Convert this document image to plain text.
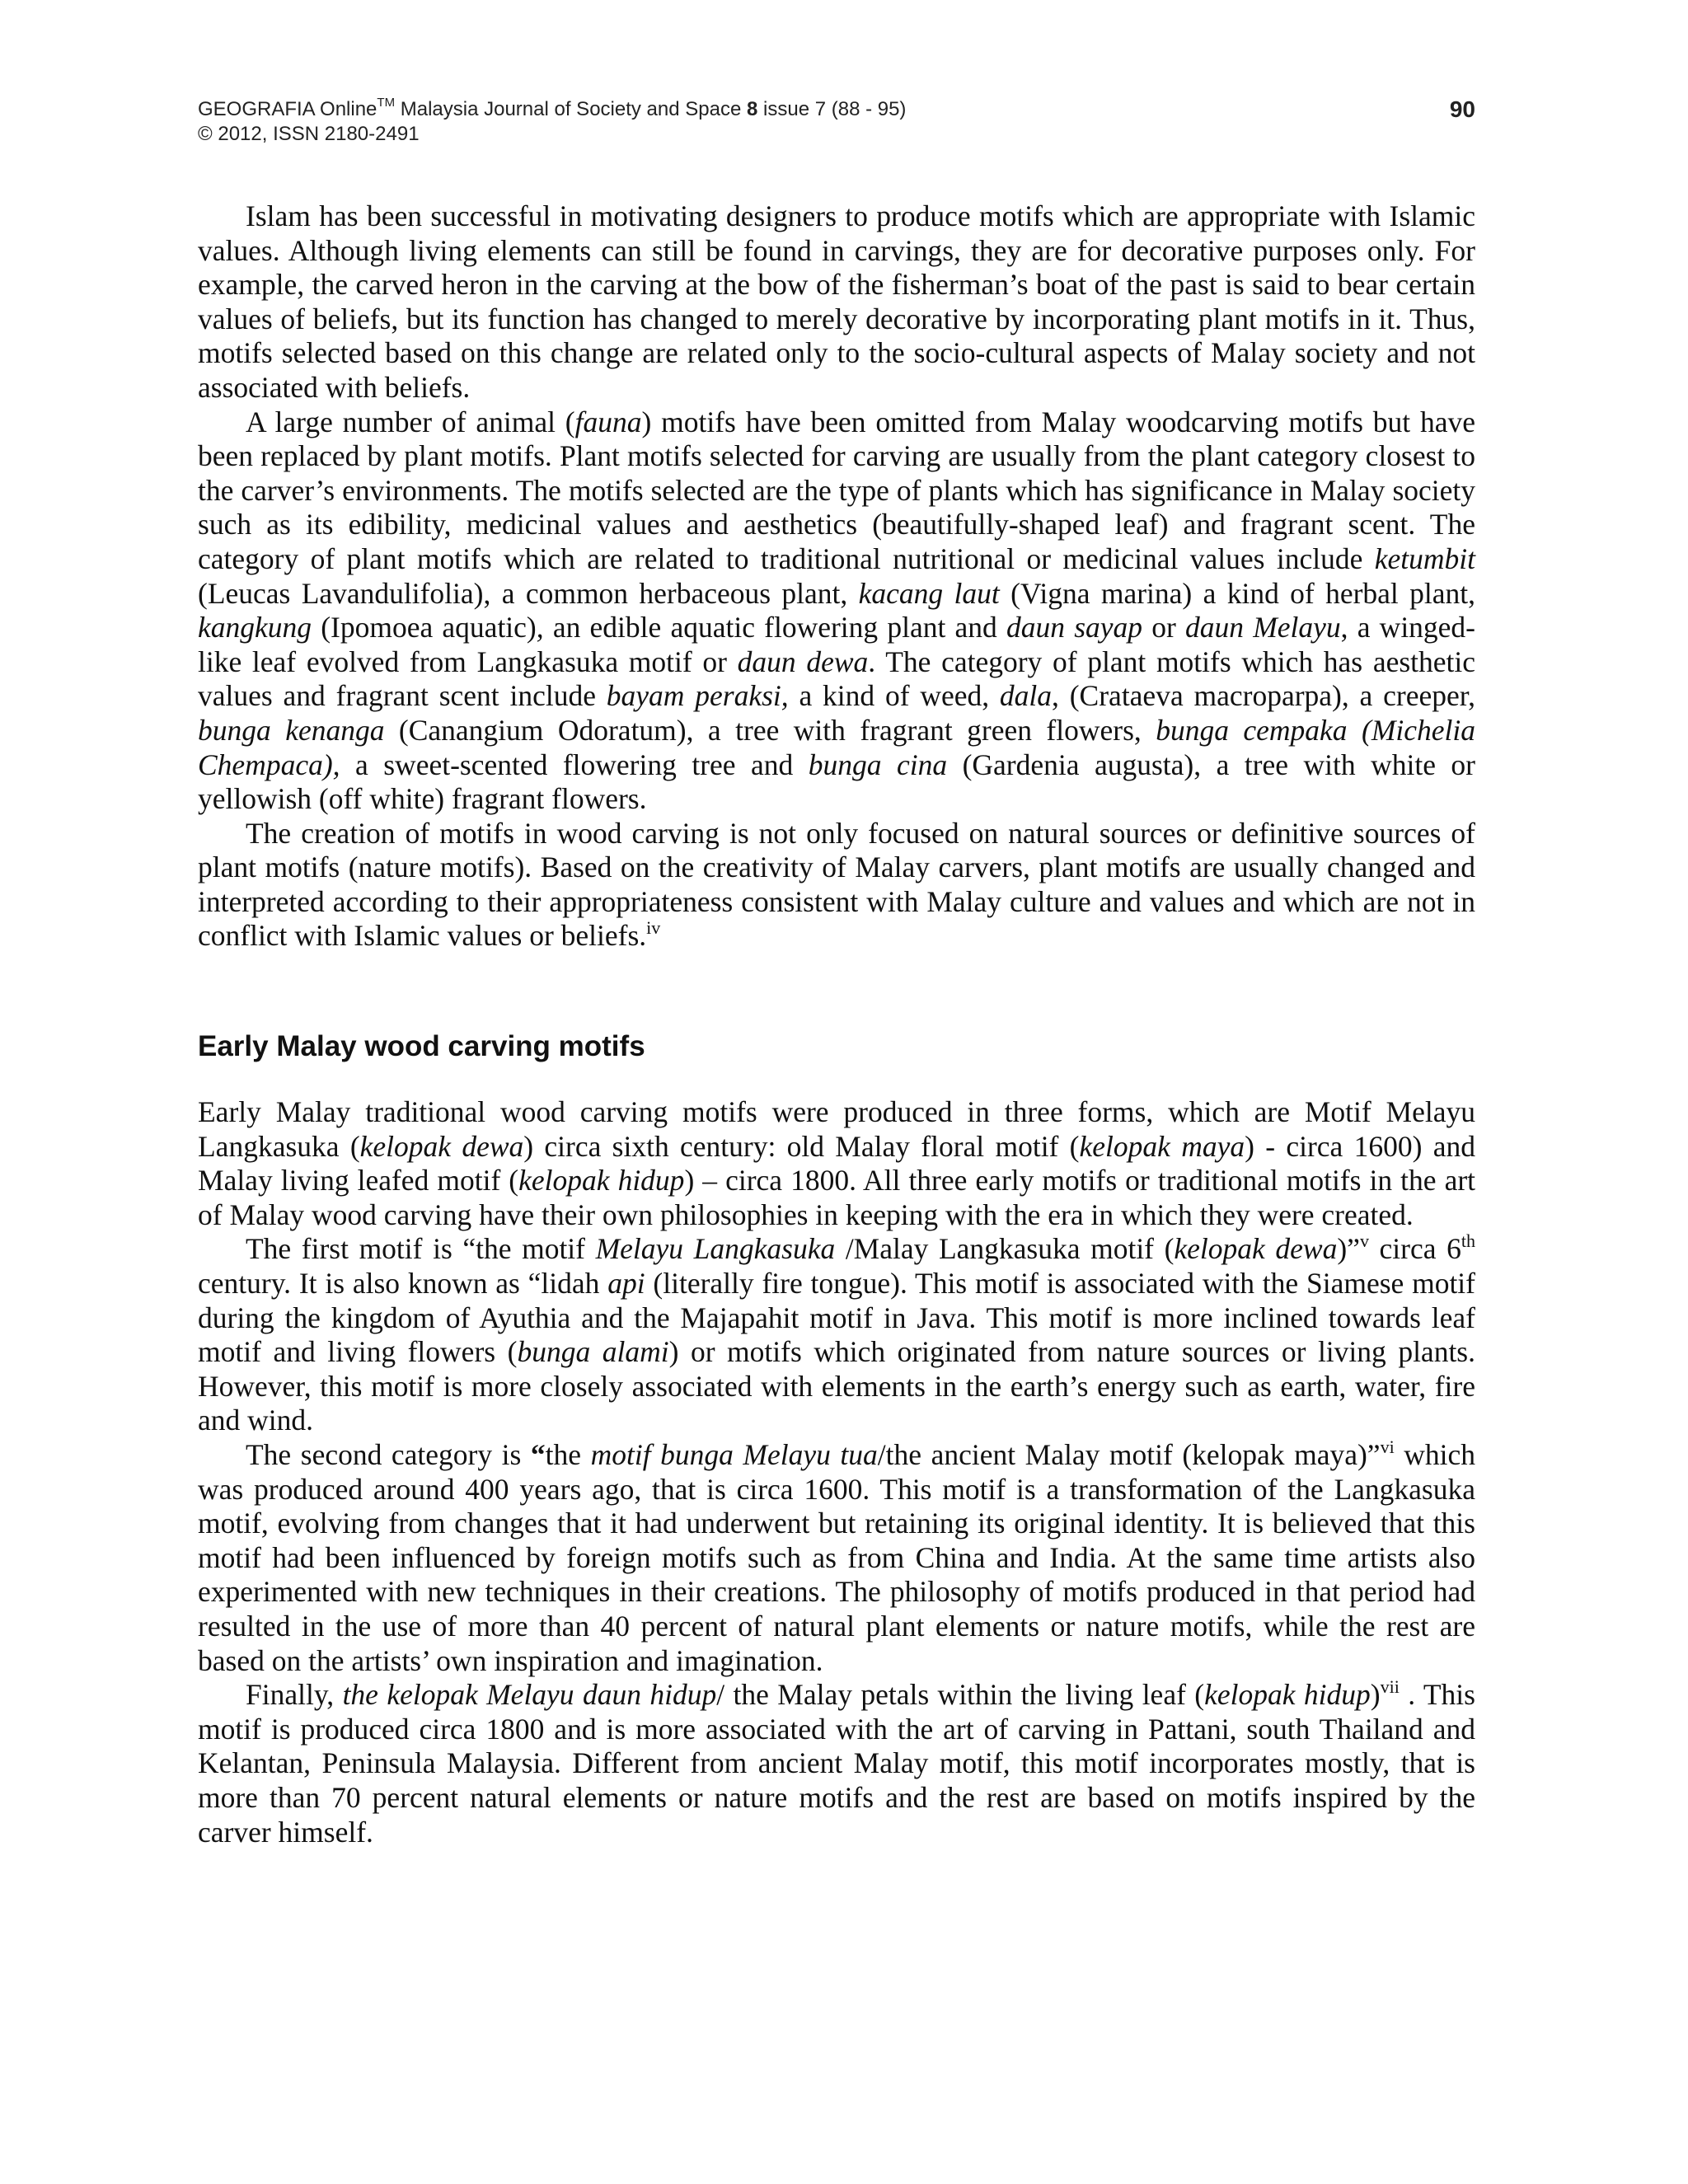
GEOGRAFIA Online™ Malaysia Journal of Society and Space 8 issue 7 (88 - 95)
© 2012, ISSN 2180-2491
90

Islam has been successful in motivating designers to produce motifs which are appropriate with Islamic values. Although living elements can still be found in carvings, they are for decorative purposes only. For example, the carved heron in the carving at the bow of the fisherman’s boat of the past is said to bear certain values of beliefs, but its function has changed to merely decorative by incorporating plant motifs in it. Thus, motifs selected based on this change are related only to the socio-cultural aspects of Malay society and not associated with beliefs.

A large number of animal (fauna) motifs have been omitted from Malay woodcarving motifs but have been replaced by plant motifs. Plant motifs selected for carving are usually from the plant category closest to the carver’s environments. The motifs selected are the type of plants which has significance in Malay society such as its edibility, medicinal values and aesthetics (beautifully-shaped leaf) and fragrant scent. The category of plant motifs which are related to traditional nutritional or medicinal values include ketumbit (Leucas Lavandulifolia), a common herbaceous plant, kacang laut (Vigna marina) a kind of herbal plant, kangkung (Ipomoea aquatic), an edible aquatic flowering plant and daun sayap or daun Melayu, a winged-like leaf evolved from Langkasuka motif or daun dewa. The category of plant motifs which has aesthetic values and fragrant scent include bayam peraksi, a kind of weed, dala, (Crataeva macroparpa), a creeper, bunga kenanga (Canangium Odoratum), a tree with fragrant green flowers, bunga cempaka (Michelia Chempaca), a sweet-scented flowering tree and bunga cina (Gardenia augusta), a tree with white or yellowish (off white) fragrant flowers.

The creation of motifs in wood carving is not only focused on natural sources or definitive sources of plant motifs (nature motifs). Based on the creativity of Malay carvers, plant motifs are usually changed and interpreted according to their appropriateness consistent with Malay culture and values and which are not in conflict with Islamic values or beliefs.$^{iv}$

Early Malay wood carving motifs

Early Malay traditional wood carving motifs were produced in three forms, which are Motif Melayu Langkasuka (kelopak dewa) circa sixth century: old Malay floral motif (kelopak maya) - circa 1600) and Malay living leafed motif (kelopak hidup) – circa 1800. All three early motifs or traditional motifs in the art of Malay wood carving have their own philosophies in keeping with the era in which they were created.

The first motif is “the motif Melayu Langkasuka /Malay Langkasuka motif (kelopak dewa)”$^v$ circa 6th century. It is also known as “lidah api (literally fire tongue). This motif is associated with the Siamese motif during the kingdom of Ayuthia and the Majapahit motif in Java. This motif is more inclined towards leaf motif and living flowers (bunga alami) or motifs which originated from nature sources or living plants. However, this motif is more closely associated with elements in the earth’s energy such as earth, water, fire and wind.

The second category is “the motif bunga Melayu tua/the ancient Malay motif (kelopak maya)”$^{vi}$ which was produced around 400 years ago, that is circa 1600. This motif is a transformation of the Langkasuka motif, evolving from changes that it had underwent but retaining its original identity. It is believed that this motif had been influenced by foreign motifs such as from China and India. At the same time artists also experimented with new techniques in their creations. The philosophy of motifs produced in that period had resulted in the use of more than 40 percent of natural plant elements or nature motifs, while the rest are based on the artists’ own inspiration and imagination.

Finally, the kelopak Melayu daun hidup/ the Malay petals within the living leaf (kelopak hidup)$^{vii}$ . This motif is produced circa 1800 and is more associated with the art of carving in Pattani, south Thailand and Kelantan, Peninsula Malaysia. Different from ancient Malay motif, this motif incorporates mostly, that is more than 70 percent natural elements or nature motifs and the rest are based on motifs inspired by the carver himself.
